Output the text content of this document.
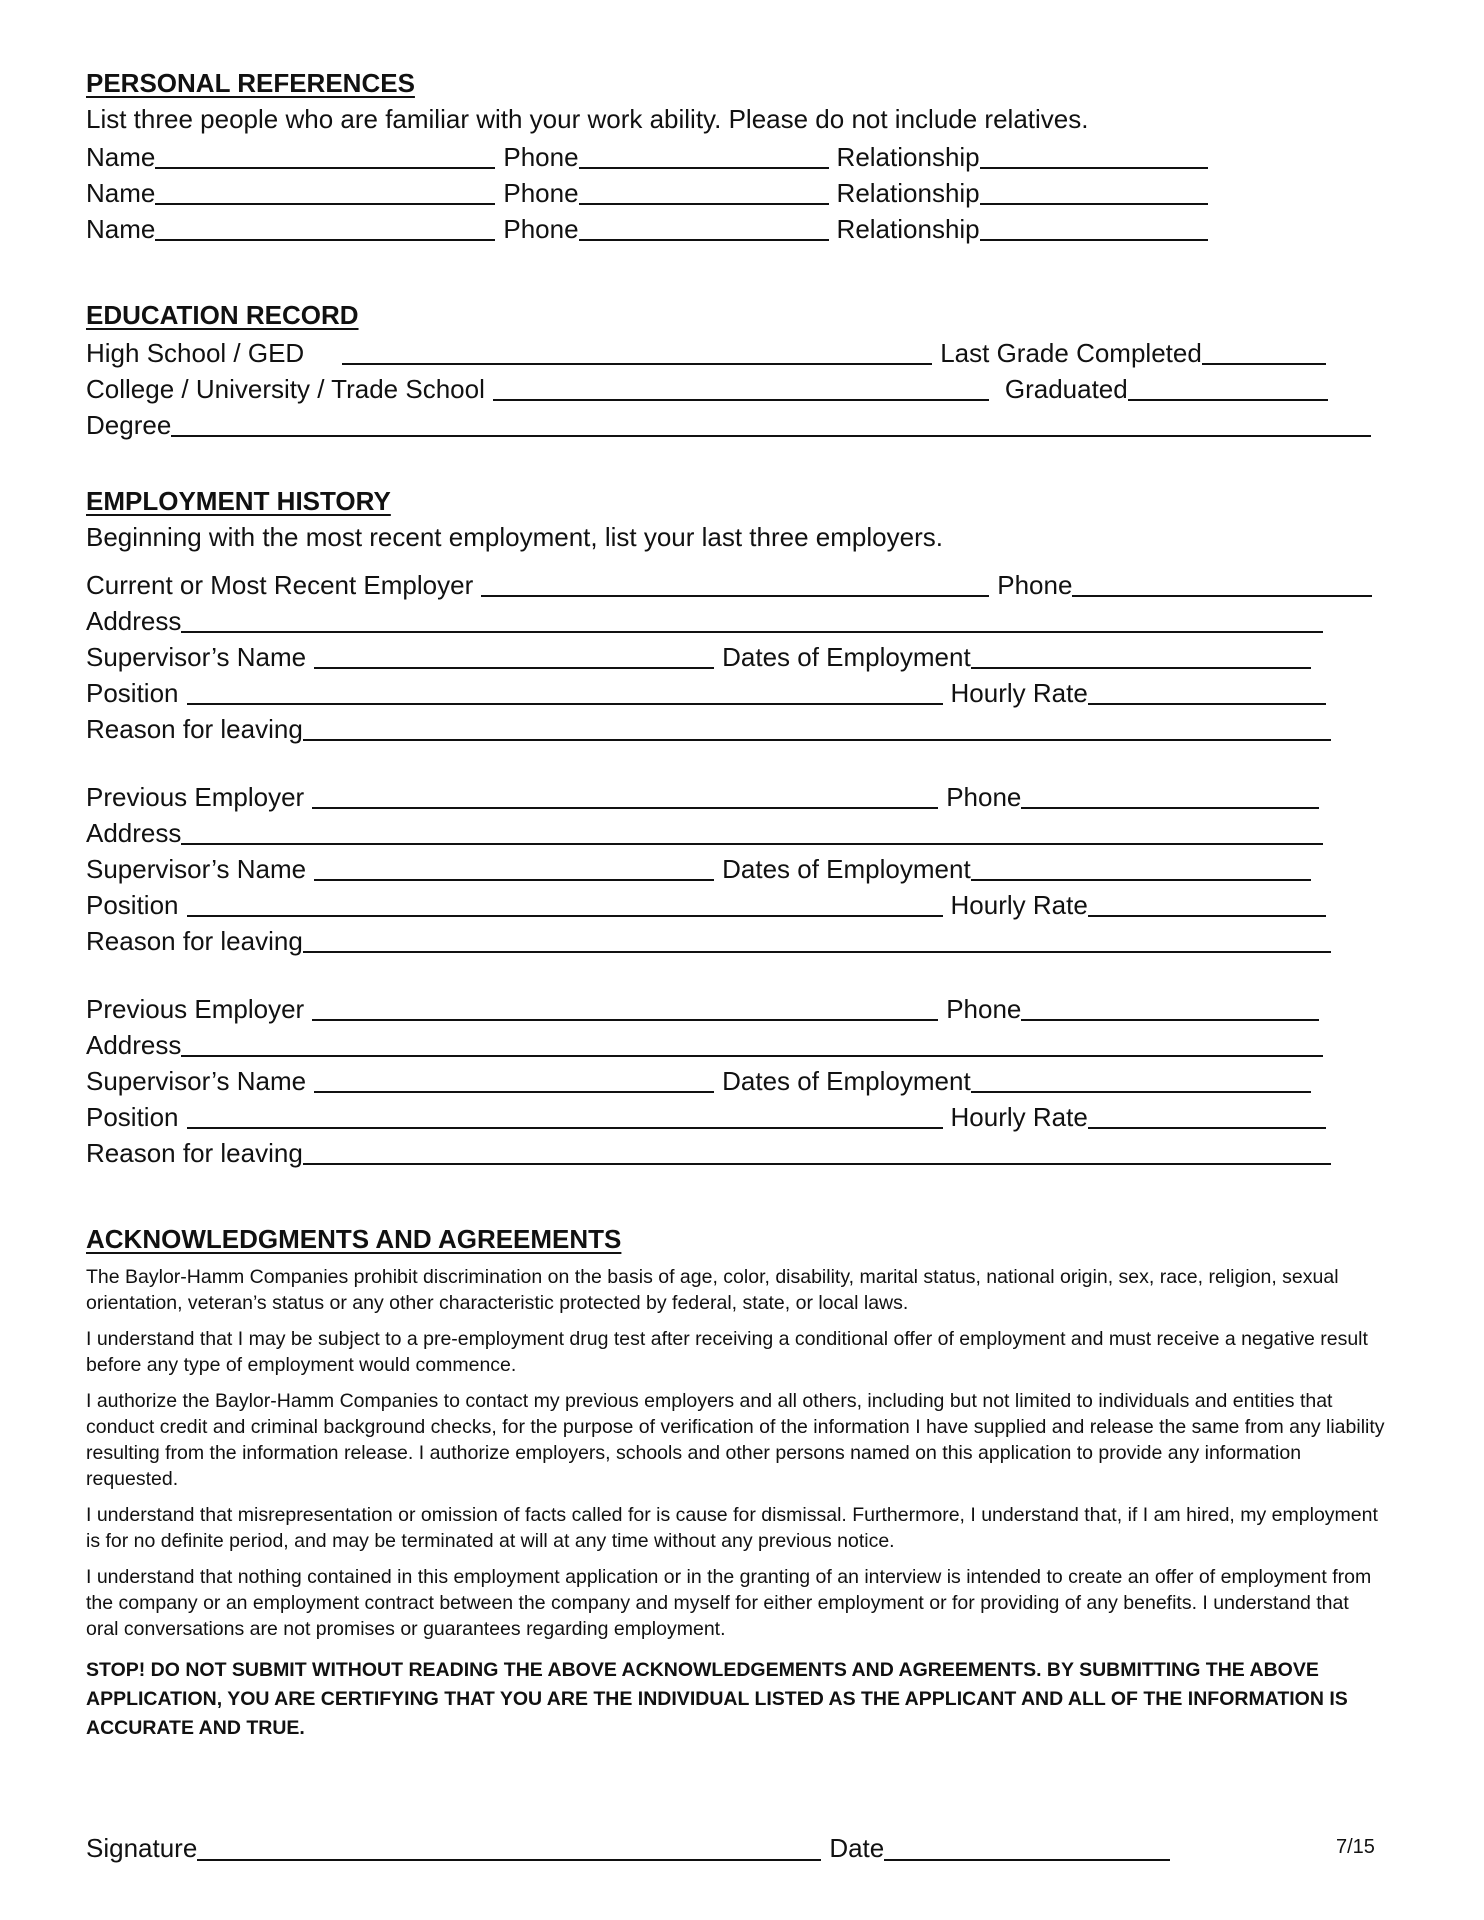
PERSONAL REFERENCES

List three people who are familiar with your work ability. Please do not include relatives.

Name	Phone	Relationship
Name	Phone	Relationship
Name	Phone	Relationship
EDUCATION RECORD
High School / GED	Last Grade Completed
College / University / Trade School	Graduated
Degree
EMPLOYMENT HISTORY

Beginning with the most recent employment, list your last three employers.

Current or Most Recent Employer	Phone
Address
Supervisor’s Name	Dates of Employment
Position	Hourly Rate
Reason for leaving
Previous Employer	Phone
Address
Supervisor’s Name	Dates of Employment
Position	Hourly Rate
Reason for leaving
Previous Employer	Phone
Address
Supervisor’s Name	Dates of Employment
Position	Hourly Rate
Reason for leaving
ACKNOWLEDGMENTS AND AGREEMENTS

The Baylor-Hamm Companies prohibit discrimination on the basis of age, color, disability, marital status, national origin, sex, race, religion, sexual orientation, veteran’s status or any other characteristic protected by federal, state, or local laws.

I understand that I may be subject to a pre-employment drug test after receiving a conditional offer of employment and must receive a negative result before any type of employment would commence.

I authorize the Baylor-Hamm Companies to contact my previous employers and all others, including but not limited to individuals and entities that conduct credit and criminal background checks, for the purpose of verification of the information I have supplied and release the same from any liability resulting from the information release. I authorize employers, schools and other persons named on this application to provide any information requested.

I understand that misrepresentation or omission of facts called for is cause for dismissal. Furthermore, I understand that, if I am hired, my employment is for no definite period, and may be terminated at will at any time without any previous notice.

I understand that nothing contained in this employment application or in the granting of an interview is intended to create an offer of employment from the company or an employment contract between the company and myself for either employment or for providing of any benefits. I understand that oral conversations are not promises or guarantees regarding employment.

STOP! DO NOT SUBMIT WITHOUT READING THE ABOVE ACKNOWLEDGEMENTS AND AGREEMENTS. BY SUBMITTING THE ABOVE APPLICATION, YOU ARE CERTIFYING THAT YOU ARE THE INDIVIDUAL LISTED AS THE APPLICANT AND ALL OF THE INFORMATION IS ACCURATE AND TRUE.

Signature	Date	7/15
